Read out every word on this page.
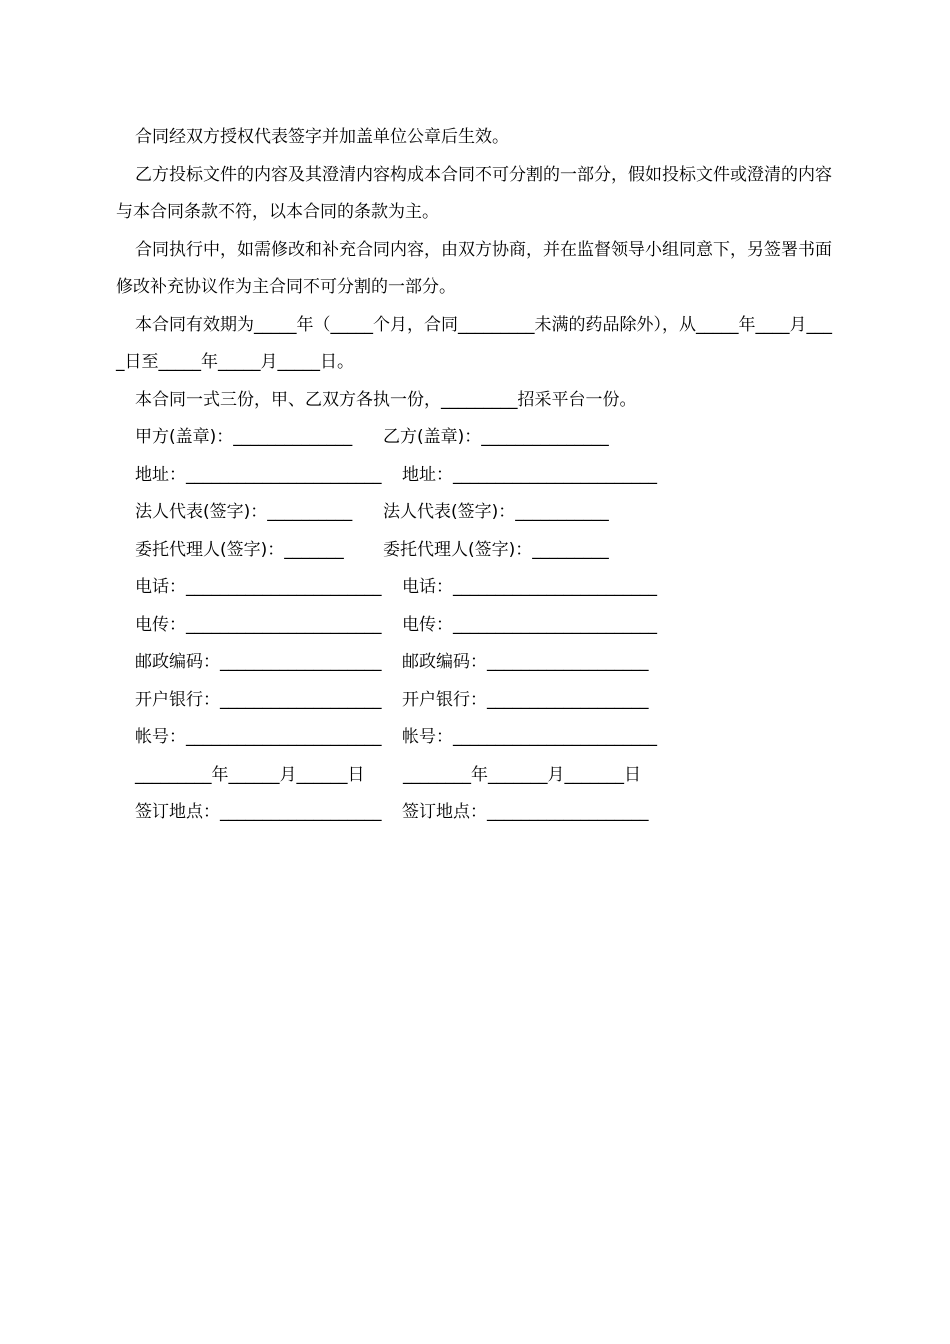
合同经双方授权代表签字并加盖单位公章后生效。

乙方投标文件的内容及其澄清内容构成本合同不可分割的一部分，假如投标文件或澄清的内容与本合同条款不符，以本合同的条款为主。

合同执行中，如需修改和补充合同内容，由双方协商，并在监督领导小组同意下，另签署书面修改补充协议作为主合同不可分割的一部分。

本合同有效期为_____年（_____个月，合同_________未满的药品除外），从_____年____月____日至_____年_____月_____日。

本合同一式三份，甲、乙双方各执一份，_________招采平台一份。

甲方(盖章)：______________	乙方(盖章)：_______________
地址：_______________________	地址：________________________
法人代表(签字)：__________	法人代表(签字)：___________
委托代理人(签字)：_______	委托代理人(签字)：_________
电话：_______________________	电话：________________________
电传：_______________________	电传：________________________
邮政编码：___________________	邮政编码：___________________
开户银行：___________________	开户银行：___________________
帐号：_______________________	帐号：________________________
_________年______月______日	________年_______月_______日
签订地点：___________________	签订地点：___________________
